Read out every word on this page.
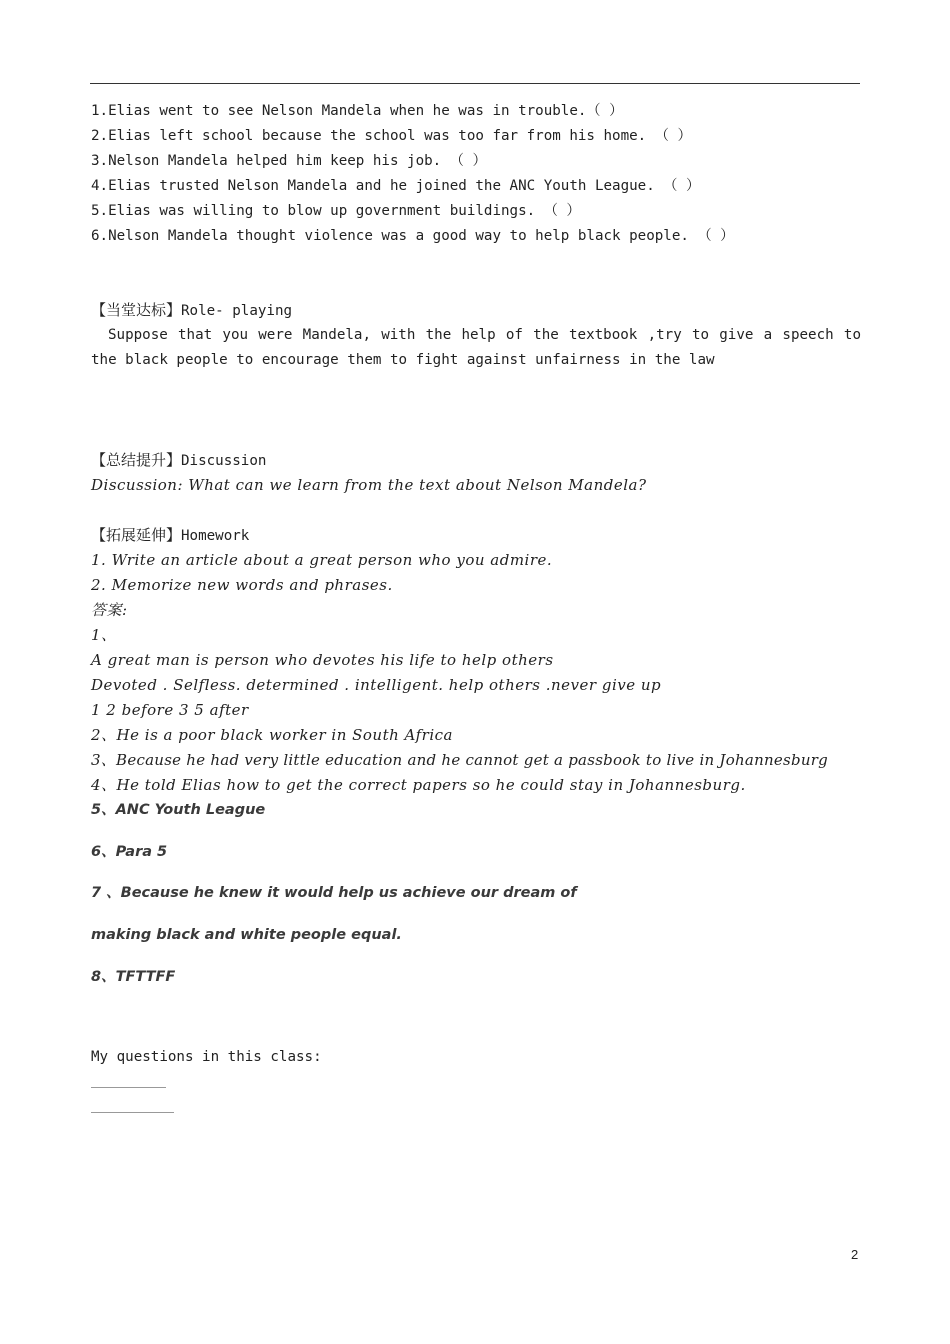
1.Elias went to see Nelson Mandela when he was in trouble.（ ）
2.Elias left school because the school was too far from his home. （ ）
3.Nelson Mandela helped him keep his job. （ ）
4.Elias trusted Nelson Mandela and he joined the ANC Youth League. （ ）
5.Elias was willing to blow up government buildings. （ ）
6.Nelson Mandela thought violence was a good way to help black people. （ ）
【当堂达标】Role- playing
Suppose that you were Mandela, with the help of the textbook ,try to give a speech to the black people to encourage them to fight against unfairness in the law
【总结提升】Discussion
Discussion: What can we learn from the text about Nelson Mandela?
【拓展延伸】Homework
1. Write an article about a great person who you admire.
2. Memorize new words and phrases.
答案:
1、
A great man is person who devotes his life to help others
Devoted . Selfless. determined . intelligent. help others .never give up
1 2 before 3 5 after
2、He is a poor black worker in South Africa
3、Because he had very little education and he cannot get a passbook to live in Johannesburg
4、He told Elias how to get the correct papers so he could stay in Johannesburg.
5、ANC Youth League
6、Para 5
7 、Because he knew it would help us achieve our dream of
making black and white people equal.
8、TFTTFF
My questions in this class:
2
